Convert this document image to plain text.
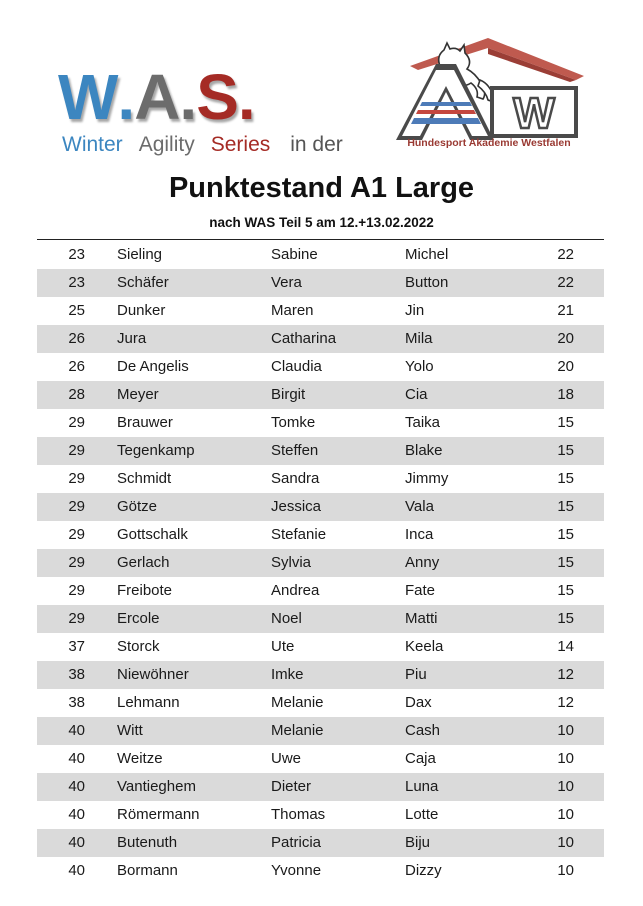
W.A.S.
Winter Agility Series in der
W
Hundesport Akademie Westfalen
Punktestand A1 Large
nach WAS Teil 5 am 12.+13.02.2022
23 Sieling	Sabine	Michel	22
23 Schäfer	Vera	Button	22
25 Dunker	Maren	Jin	21
26 Jura	Catharina	Mila	20
26 De Angelis	Claudia	Yolo	20
28 Meyer	Birgit	Cia	18
29 Brauwer	Tomke	Taika	15
29 Tegenkamp	Steffen	Blake	15
29 Schmidt	Sandra	Jimmy	15
29 Götze	Jessica	Vala	15
29 Gottschalk	Stefanie	Inca	15
29 Gerlach	Sylvia	Anny	15
29 Freibote	Andrea	Fate	15
29 Ercole	Noel	Matti	15
37 Storck	Ute	Keela	14
38 Niewöhner	Imke	Piu	12
38 Lehmann	Melanie	Dax	12
40 Witt	Melanie	Cash	10
40 Weitze	Uwe	Caja	10
40 Vantieghem	Dieter	Luna	10
40 Römermann	Thomas	Lotte	10
40 Butenuth	Patricia	Biju	10
40 Bormann	Yvonne	Dizzy	10
